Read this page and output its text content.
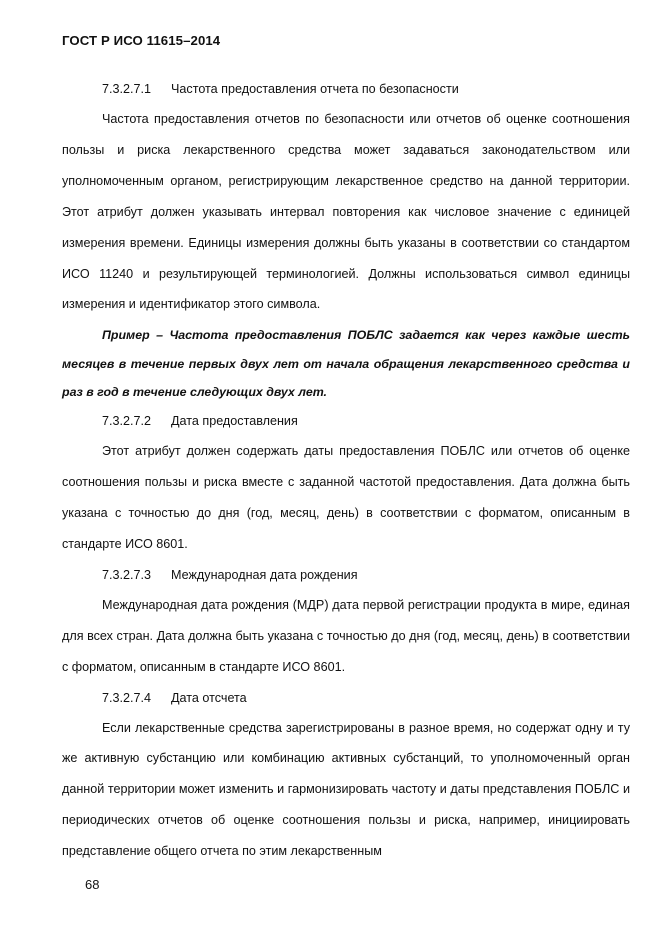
ГОСТ Р ИСО 11615–2014
7.3.2.7.1 Частота предоставления отчета по безопасности
Частота предоставления отчетов по безопасности или отчетов об оценке соотношения пользы и риска лекарственного средства может задаваться законодательством или уполномоченным органом, регистрирующим лекарственное средство на данной территории. Этот атрибут должен указывать интервал повторения как числовое значение с единицей измерения времени. Единицы измерения должны быть указаны в соответствии со стандартом ИСО 11240 и результирующей терминологией. Должны использоваться символ единицы измерения и идентификатор этого символа.
Пример – Частота предоставления ПОБЛС задается как через каждые шесть месяцев в течение первых двух лет от начала обращения лекарственного средства и раз в год в течение следующих двух лет.
7.3.2.7.2 Дата предоставления
Этот атрибут должен содержать даты предоставления ПОБЛС или отчетов об оценке соотношения пользы и риска вместе с заданной частотой предоставления. Дата должна быть указана с точностью до дня (год, месяц, день) в соответствии с форматом, описанным в стандарте ИСО 8601.
7.3.2.7.3 Международная дата рождения
Международная дата рождения (МДР) дата первой регистрации продукта в мире, единая для всех стран. Дата должна быть указана с точностью до дня (год, месяц, день) в соответствии с форматом, описанным в стандарте ИСО 8601.
7.3.2.7.4 Дата отсчета
Если лекарственные средства зарегистрированы в разное время, но содержат одну и ту же активную субстанцию или комбинацию активных субстанций, то уполномоченный орган данной территории может изменить и гармонизировать частоту и даты представления ПОБЛС и периодических отчетов об оценке соотношения пользы и риска, например, инициировать представление общего отчета по этим лекарственным
68
